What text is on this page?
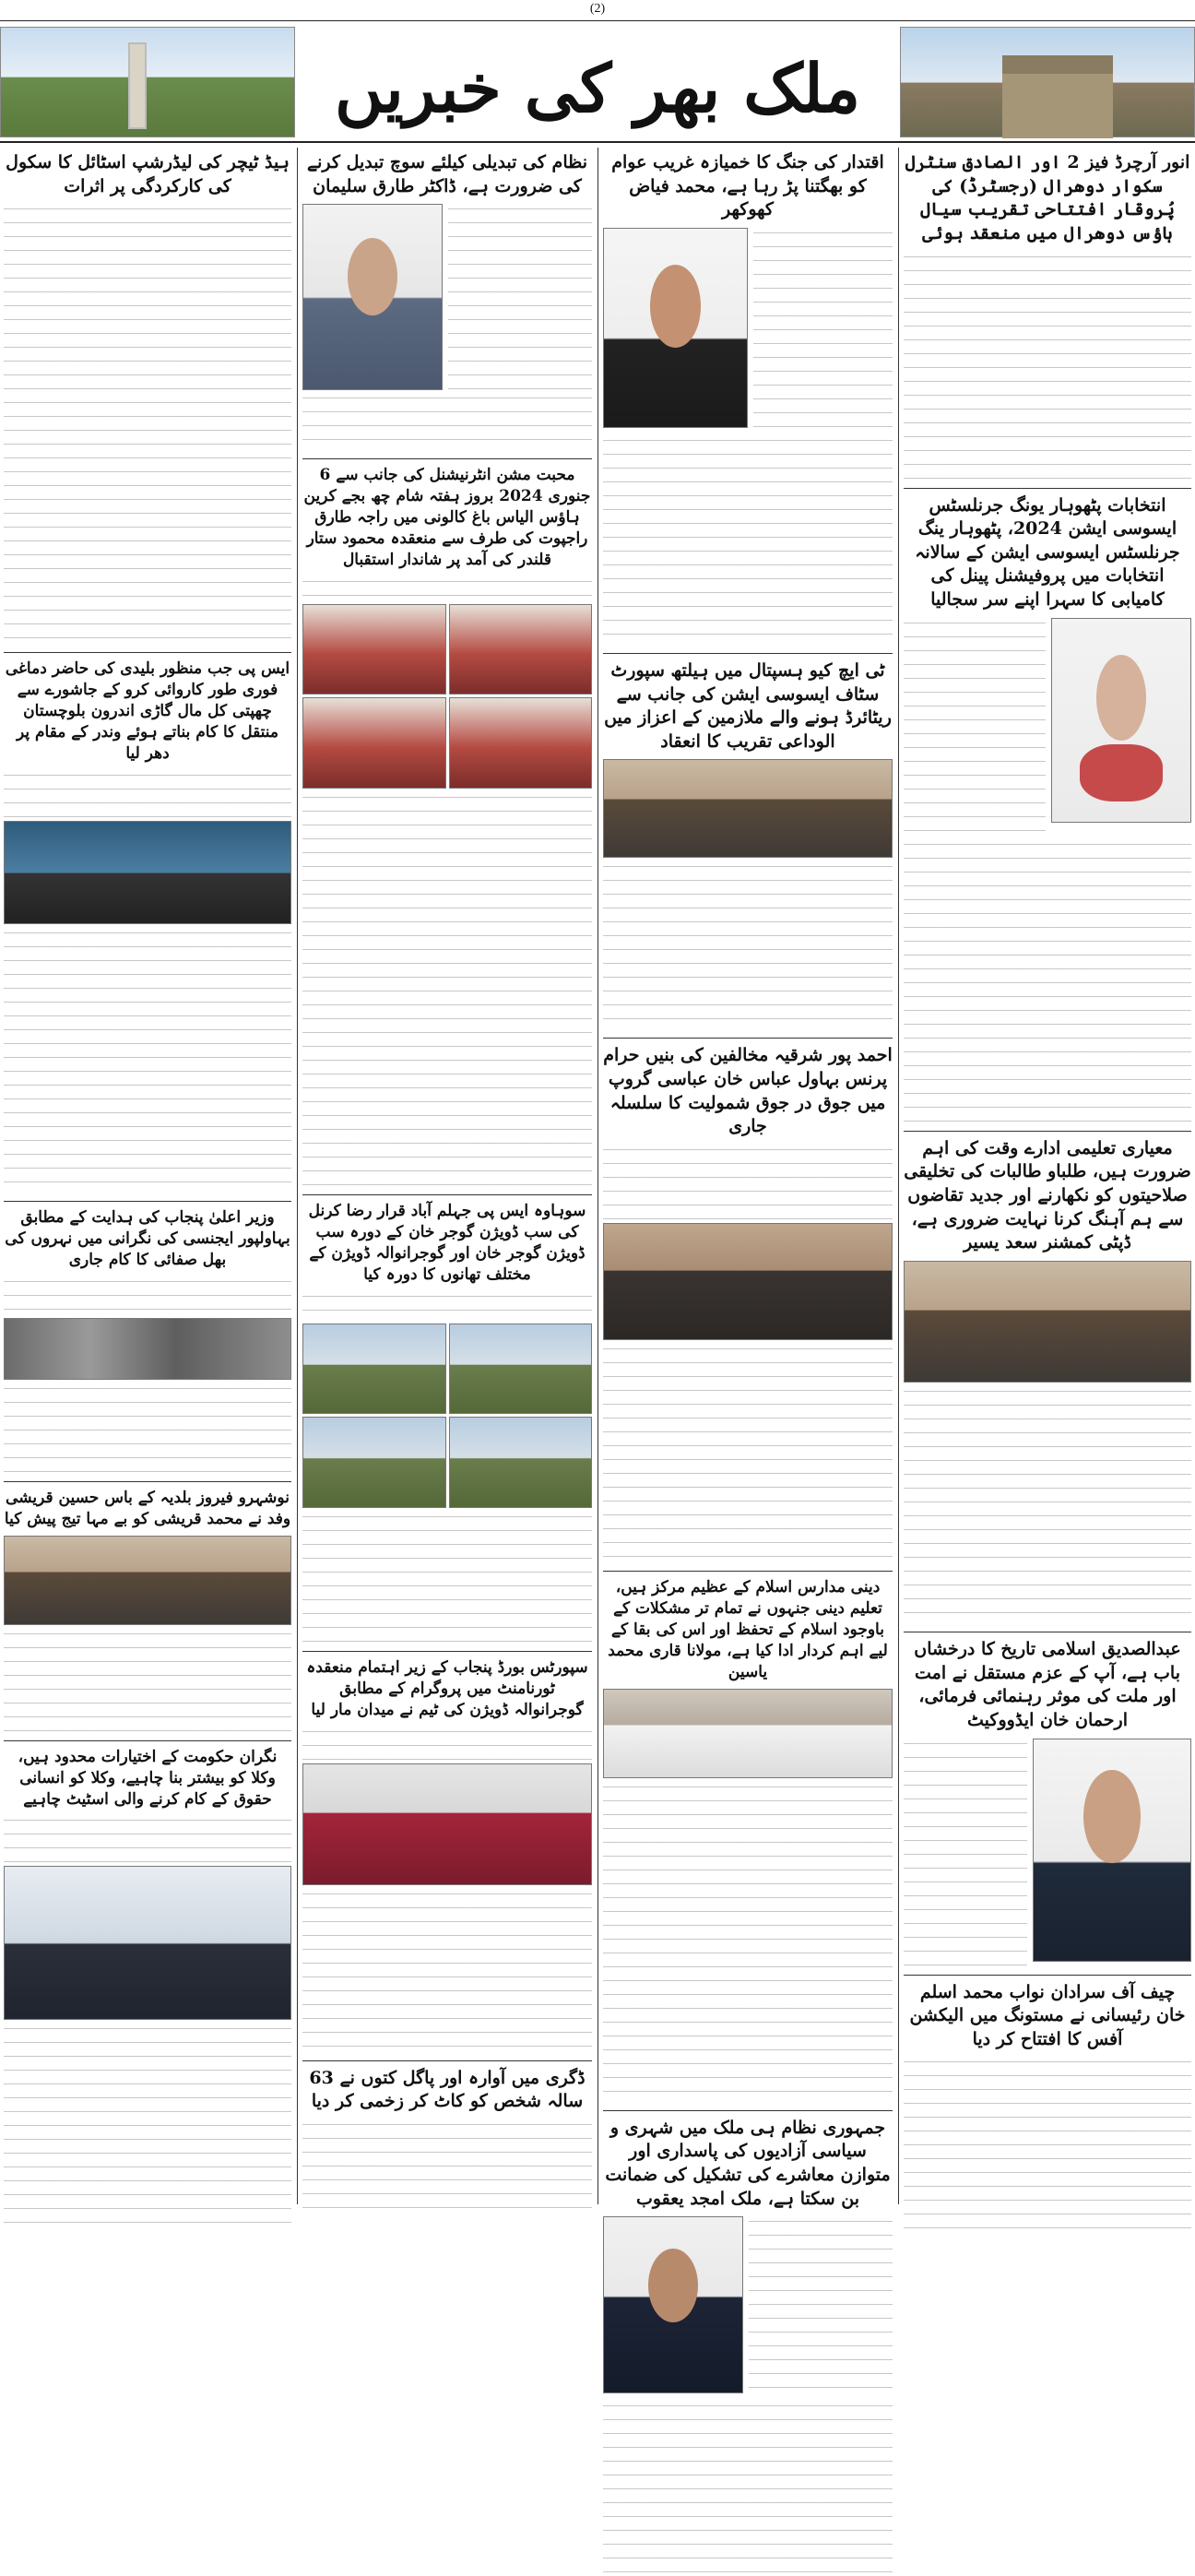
(2)
ملک بھر کی خبریں
انور آرچرڈ فیز 2 اور الصادق سنٹرل سکوار دوھرال (رجسٹرڈ) کی پُروقار افتتاحی تقریب سیال ہاؤس دوھرال میں منعقد ہوئی
انتخابات پٹھوہار یونگ جرنلسٹس ایسوسی ایشن 2024، پٹھوہار ینگ جرنلسٹس ایسوسی ایشن کے سالانہ انتخابات میں پروفیشنل پینل کی کامیابی کا سہرا اپنے سر سجالیا
معیاری تعلیمی ادارے وقت کی اہم ضرورت ہیں، طلباو طالبات کی تخلیقی صلاحیتوں کو نکھارنے اور جدید تقاضوں سے ہم آہنگ کرنا نہایت ضروری ہے، ڈپٹی کمشنر سعد یسیر
عبدالصدیق اسلامی تاریخ کا درخشاں باب ہے، آپ کے عزم مستقل نے امت اور ملت کی موثر رہنمائی فرمائی، ارحمان خان ایڈووکیٹ
چیف آف سرادان نواب محمد اسلم خان رئیسانی نے مستونگ میں الیکشن آفس کا افتتاح کر دیا
اقتدار کی جنگ کا خمیازہ غریب عوام کو بھگتنا پڑ رہا ہے، محمد فیاض کھوکھر
ٹی ایچ کیو ہسپتال میں ہیلتھ سپورٹ سٹاف ایسوسی ایشن کی جانب سے ریٹائرڈ ہونے والے ملازمین کے اعزاز میں الوداعی تقریب کا انعقاد
احمد پور شرقیہ مخالفین کی بنیں حرام پرنس بہاول عباس خان عباسی گروپ میں جوق در جوق شمولیت کا سلسلہ جاری
دینی مدارس اسلام کے عظیم مرکز ہیں، تعلیم دینی جنہوں نے تمام تر مشکلات کے باوجود اسلام کے تحفظ اور اس کی بقا کے لیے اہم کردار ادا کیا ہے، مولانا قاری محمد یاسین
جمہوری نظام ہی ملک میں شہری و سیاسی آزادیوں کی پاسداری اور متوازن معاشرے کی تشکیل کی ضمانت بن سکتا ہے، ملک امجد یعقوب
نظام کی تبدیلی کیلئے سوچ تبدیل کرنے کی ضرورت ہے، ڈاکٹر طارق سلیمان
محبت مشن انٹرنیشنل کی جانب سے 6 جنوری 2024 بروز ہفتہ شام چھ بجے کرین ہاؤس الیاس باغ کالونی میں راجہ طارق راجپوت کی طرف سے منعقدہ محمود ستار قلندر کی آمد پر شاندار استقبال
سوہاوہ ایس پی جہلم آباد قرار رضا کرنل کی سب ڈویژن گوجر خان کے دورہ سب ڈویژن گوجر خان اور گوجرانوالہ ڈویژن کے مختلف تھانوں کا دورہ کیا
سپورٹس بورڈ پنجاب کے زیر اہتمام منعقدہ ٹورنامنٹ میں پروگرام کے مطابق گوجرانوالہ ڈویژن کی ٹیم نے میدان مار لیا
ڈگری میں آوارہ اور پاگل کتوں نے 63 سالہ شخص کو کاٹ کر زخمی کر دیا
ہیڈ ٹیچر کی لیڈرشپ اسٹائل کا سکول کی کارکردگی پر اثرات
ایس پی جب منظور بلیدی کی حاضر دماغی فوری طور کاروائی کرو کے جاشورے سے چھپتی کل مال گاڑی اندرون بلوچستان منتقل کا کام بناتے ہوئے وندر کے مقام پر دھر لیا
وزیر اعلیٰ پنجاب کی ہدایت کے مطابق بہاولپور ایجنسی کی نگرانی میں نہروں کی بھل صفائی کا کام جاری
نوشہرو فیروز بلدیہ کے باس حسین قریشی وفد نے محمد قریشی کو بے مہا تیج پیش کیا
نگران حکومت کے اختیارات محدود ہیں، وکلا کو بیشتر بنا چاہیے، وکلا کو انسانی حقوق کے کام کرنے والی اسٹیٹ چاہیے
